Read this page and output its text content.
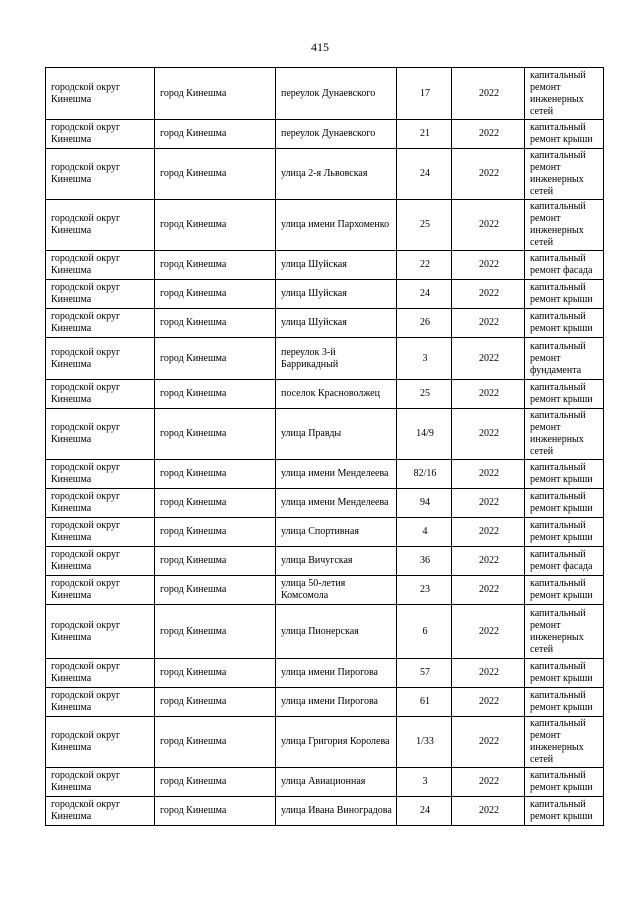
415
городской округ Кинешма	город Кинешма	переулок Дунаевского	17	2022	капитальный ремонт инженерных сетей
городской округ Кинешма	город Кинешма	переулок Дунаевского	21	2022	капитальный ремонт крыши
городской округ Кинешма	город Кинешма	улица 2-я Львовская	24	2022	капитальный ремонт инженерных сетей
городской округ Кинешма	город Кинешма	улица имени Пархоменко	25	2022	капитальный ремонт инженерных сетей
городской округ Кинешма	город Кинешма	улица Шуйская	22	2022	капитальный ремонт фасада
городской округ Кинешма	город Кинешма	улица Шуйская	24	2022	капитальный ремонт крыши
городской округ Кинешма	город Кинешма	улица Шуйская	26	2022	капитальный ремонт крыши
городской округ Кинешма	город Кинешма	переулок 3-й Баррикадный	3	2022	капитальный ремонт фундамента
городской округ Кинешма	город Кинешма	поселок Красноволжец	25	2022	капитальный ремонт крыши
городской округ Кинешма	город Кинешма	улица Правды	14/9	2022	капитальный ремонт инженерных сетей
городской округ Кинешма	город Кинешма	улица имени Менделеева	82/16	2022	капитальный ремонт крыши
городской округ Кинешма	город Кинешма	улица имени Менделеева	94	2022	капитальный ремонт крыши
городской округ Кинешма	город Кинешма	улица Спортивная	4	2022	капитальный ремонт крыши
городской округ Кинешма	город Кинешма	улица Вичугская	36	2022	капитальный ремонт фасада
городской округ Кинешма	город Кинешма	улица 50-летия Комсомола	23	2022	капитальный ремонт крыши
городской округ Кинешма	город Кинешма	улица Пионерская	6	2022	капитальный ремонт инженерных сетей
городской округ Кинешма	город Кинешма	улица имени Пирогова	57	2022	капитальный ремонт крыши
городской округ Кинешма	город Кинешма	улица имени Пирогова	61	2022	капитальный ремонт крыши
городской округ Кинешма	город Кинешма	улица Григория Королева	1/33	2022	капитальный ремонт инженерных сетей
городской округ Кинешма	город Кинешма	улица Авиационная	3	2022	капитальный ремонт крыши
городской округ Кинешма	город Кинешма	улица Ивана Виноградова	24	2022	капитальный ремонт крыши
